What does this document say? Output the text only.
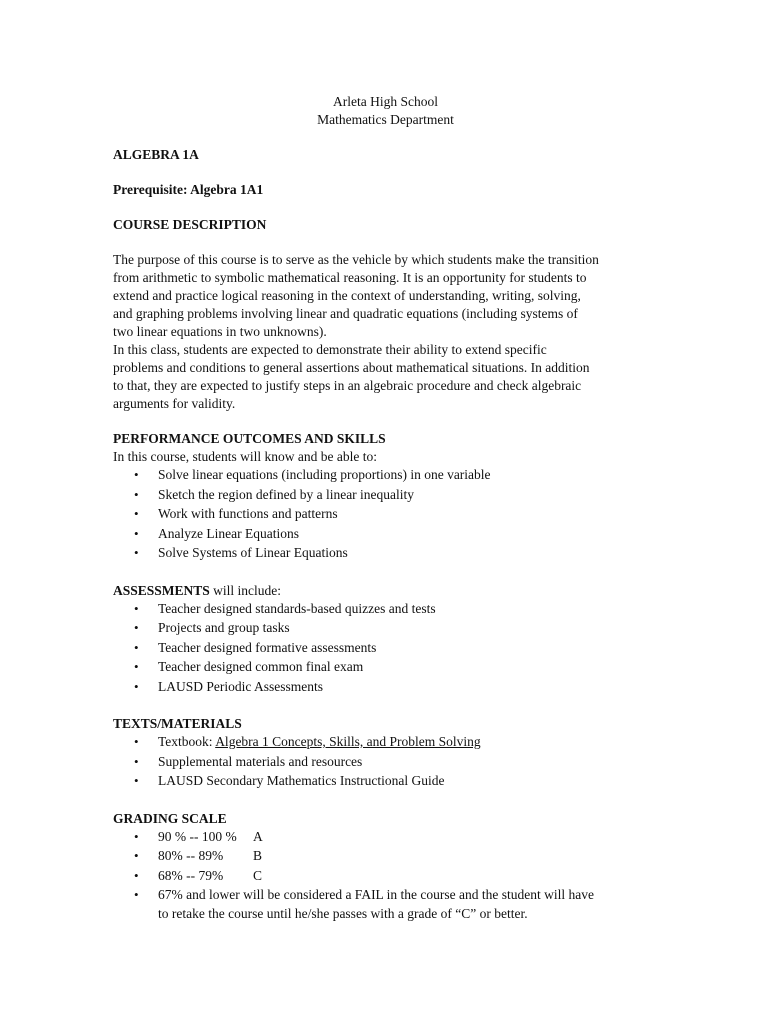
Arleta High School
Mathematics Department

ALGEBRA 1A

Prerequisite: Algebra 1A1

COURSE DESCRIPTION

The purpose of this course is to serve as the vehicle by which students make the transition
from arithmetic to symbolic mathematical reasoning. It is an opportunity for students to
extend and practice logical reasoning in the context of understanding, writing, solving,
and graphing problems involving linear and quadratic equations (including systems of
two linear equations in two unknowns).
In this class, students are expected to demonstrate their ability to extend specific
problems and conditions to general assertions about mathematical situations. In addition
to that, they are expected to justify steps in an algebraic procedure and check algebraic
arguments for validity.

PERFORMANCE OUTCOMES AND SKILLS

In this course, students will know and be able to:

• Solve linear equations (including proportions) in one variable
• Sketch the region defined by a linear inequality
• Work with functions and patterns
• Analyze Linear Equations
• Solve Systems of Linear Equations

ASSESSMENTS will include:

• Teacher designed standards-based quizzes and tests
• Projects and group tasks
• Teacher designed formative assessments
• Teacher designed common final exam
• LAUSD Periodic Assessments

TEXTS/MATERIALS

• Textbook: Algebra 1 Concepts, Skills, and Problem Solving
• Supplemental materials and resources
• LAUSD Secondary Mathematics Instructional Guide

GRADING SCALE

• 90 % -- 100 % A
• 80% -- 89% B
• 68% -- 79% C
• 67% and lower will be considered a FAIL in the course and the student will have
to retake the course until he/she passes with a grade of “C” or better.
